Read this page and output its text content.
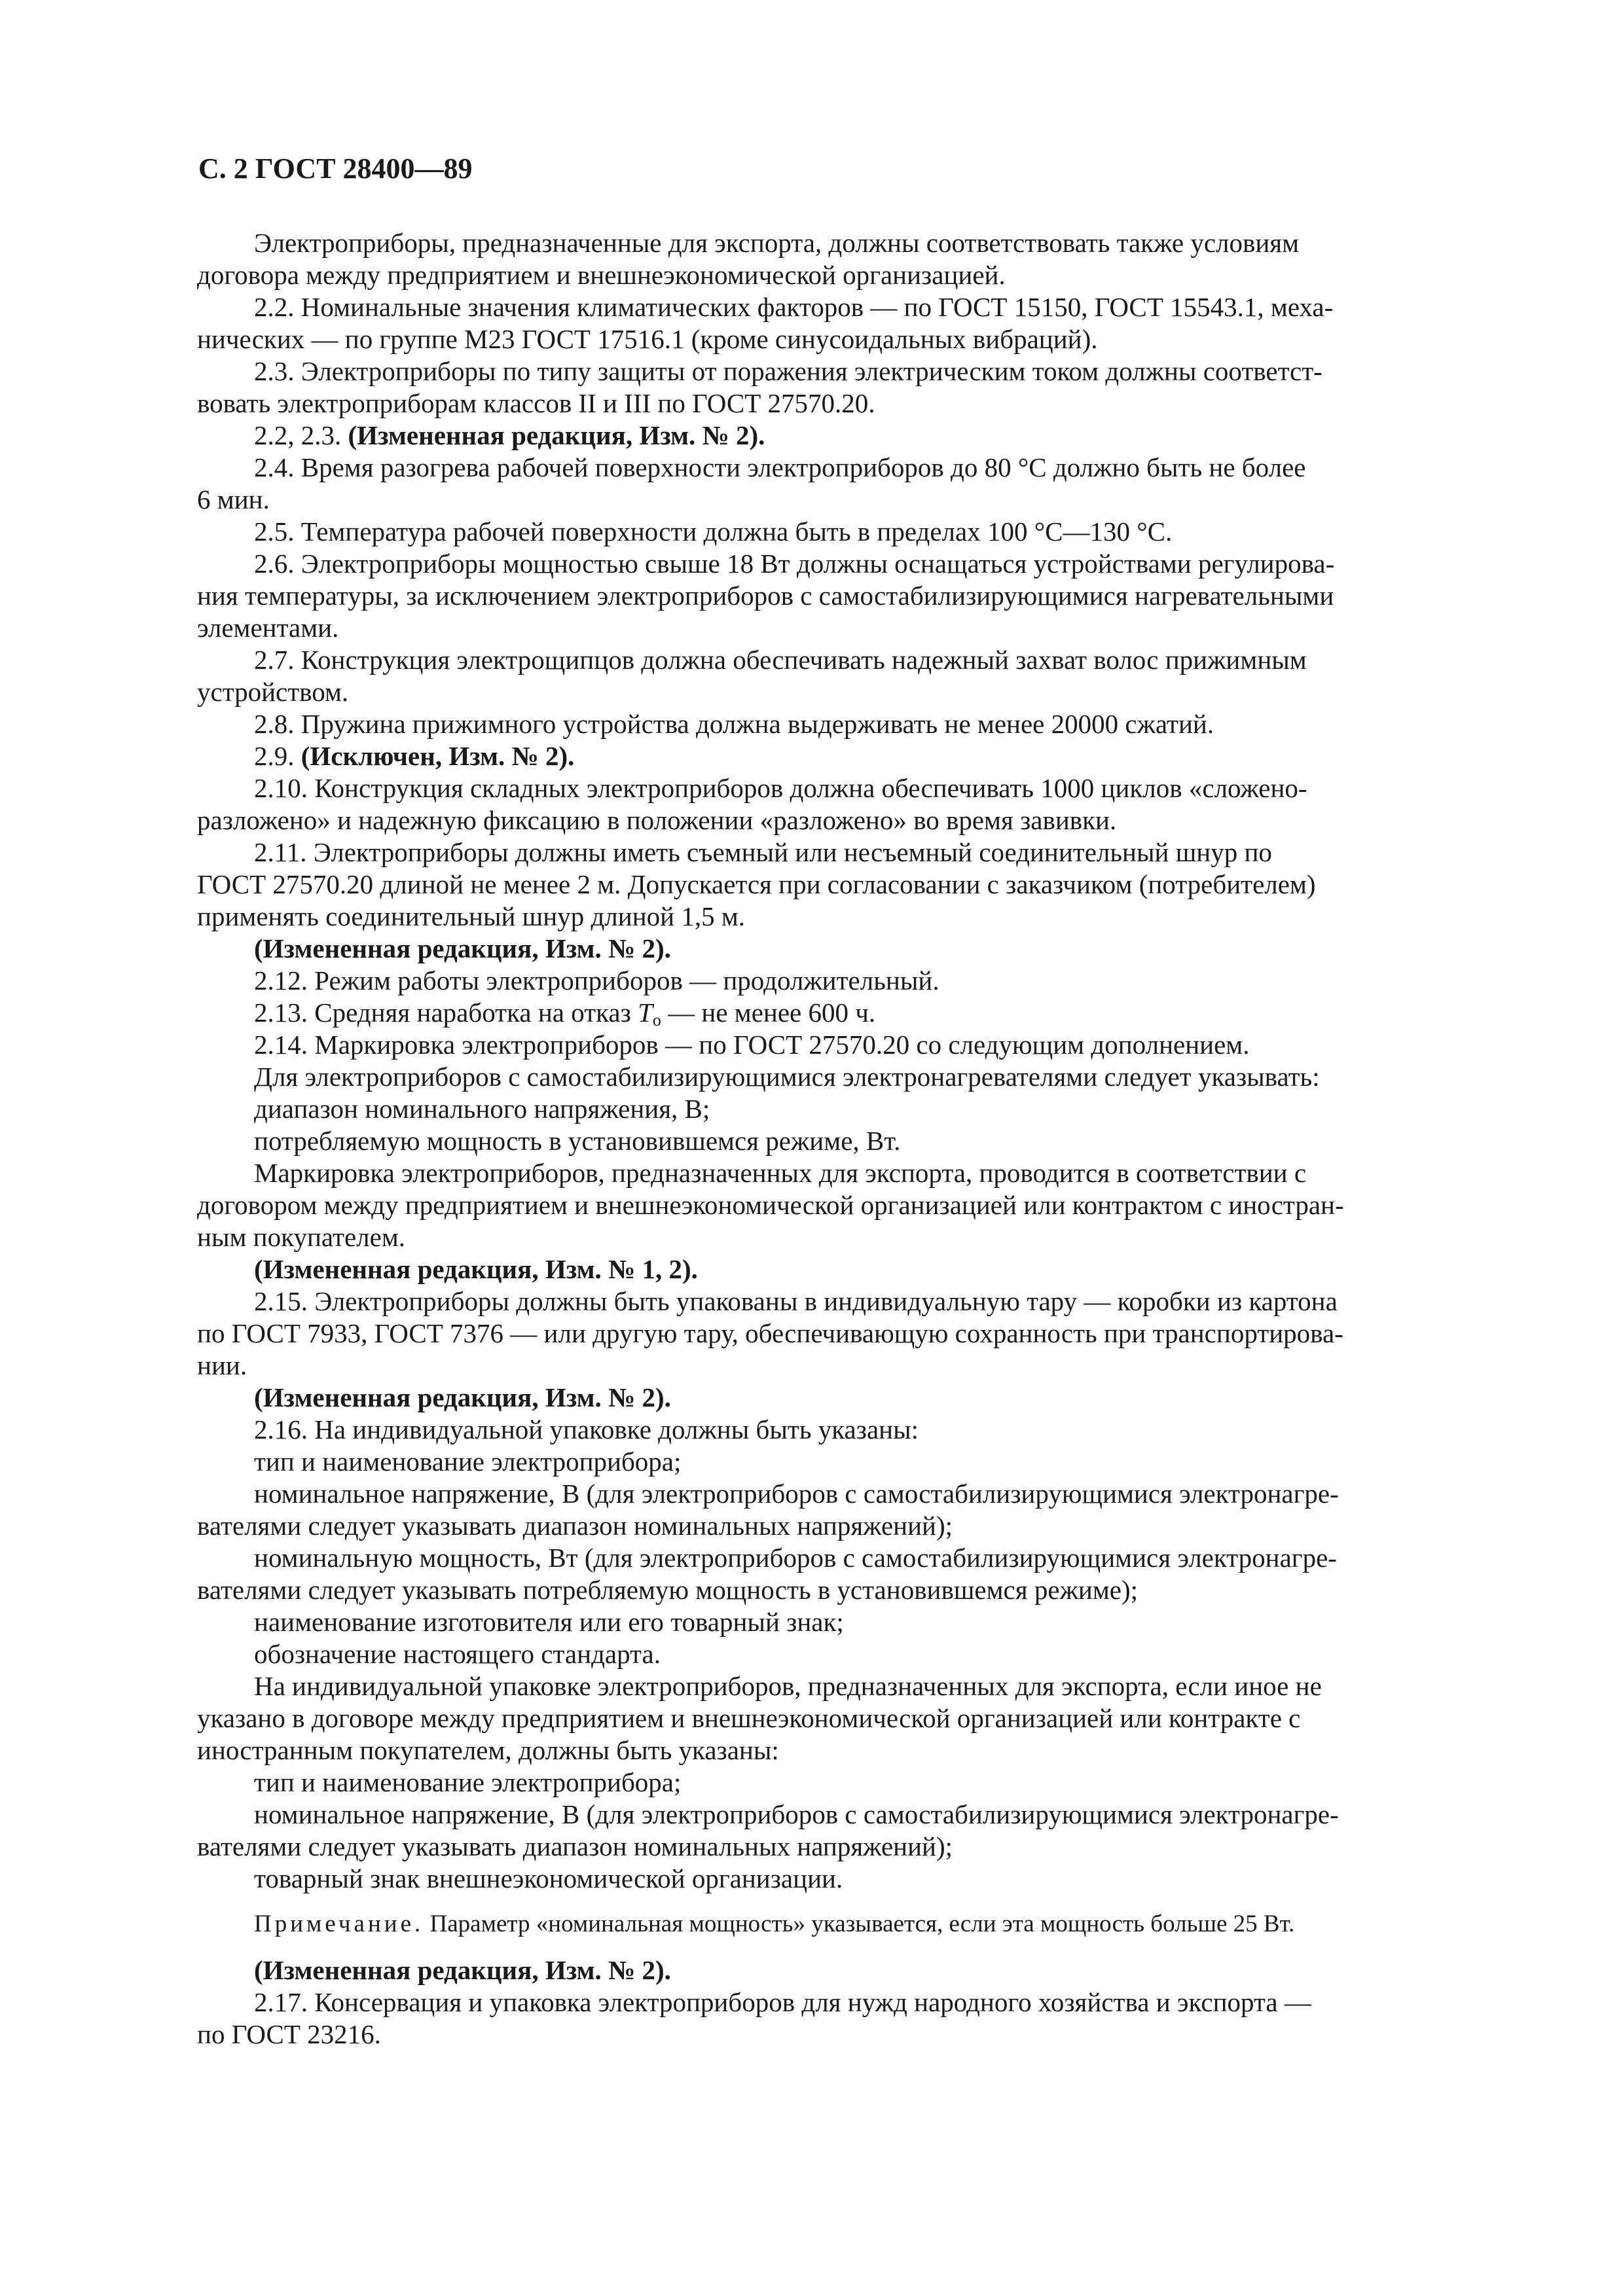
С. 2 ГОСТ 28400—89
Электроприборы, предназначенные для экспорта, должны соответствовать также условиям
договора между предприятием и внешнеэкономической организацией.
2.2. Номинальные значения климатических факторов — по ГОСТ 15150, ГОСТ 15543.1, меха-
нических — по группе М23 ГОСТ 17516.1 (кроме синусоидальных вибраций).
2.3. Электроприборы по типу защиты от поражения электрическим током должны соответст-
вовать электроприборам классов II и III по ГОСТ 27570.20.
2.2, 2.3. (Измененная редакция, Изм. № 2).
2.4. Время разогрева рабочей поверхности электроприборов до 80 °С должно быть не более
6 мин.
2.5. Температура рабочей поверхности должна быть в пределах 100 °С—130 °С.
2.6. Электроприборы мощностью свыше 18 Вт должны оснащаться устройствами регулирова-
ния температуры, за исключением электроприборов с самостабилизирующимися нагревательными
элементами.
2.7. Конструкция электрощипцов должна обеспечивать надежный захват волос прижимным
устройством.
2.8. Пружина прижимного устройства должна выдерживать не менее 20000 сжатий.
2.9. (Исключен, Изм. № 2).
2.10. Конструкция складных электроприборов должна обеспечивать 1000 циклов «сложено-
разложено» и надежную фиксацию в положении «разложено» во время завивки.
2.11. Электроприборы должны иметь съемный или несъемный соединительный шнур по
ГОСТ 27570.20 длиной не менее 2 м. Допускается при согласовании с заказчиком (потребителем)
применять соединительный шнур длиной 1,5 м.
(Измененная редакция, Изм. № 2).
2.12. Режим работы электроприборов — продолжительный.
2.13. Средняя наработка на отказ $T_o$ — не менее 600 ч.
2.14. Маркировка электроприборов — по ГОСТ 27570.20 со следующим дополнением.
Для электроприборов с самостабилизирующимися электронагревателями следует указывать:
диапазон номинального напряжения, В;
потребляемую мощность в установившемся режиме, Вт.
Маркировка электроприборов, предназначенных для экспорта, проводится в соответствии с
договором между предприятием и внешнеэкономической организацией или контрактом с иностран-
ным покупателем.
(Измененная редакция, Изм. № 1, 2).
2.15. Электроприборы должны быть упакованы в индивидуальную тару — коробки из картона
по ГОСТ 7933, ГОСТ 7376 — или другую тару, обеспечивающую сохранность при транспортирова-
нии.
(Измененная редакция, Изм. № 2).
2.16. На индивидуальной упаковке должны быть указаны:
тип и наименование электроприбора;
номинальное напряжение, В (для электроприборов с самостабилизирующимися электронагре-
вателями следует указывать диапазон номинальных напряжений);
номинальную мощность, Вт (для электроприборов с самостабилизирующимися электронагре-
вателями следует указывать потребляемую мощность в установившемся режиме);
наименование изготовителя или его товарный знак;
обозначение настоящего стандарта.
На индивидуальной упаковке электроприборов, предназначенных для экспорта, если иное не
указано в договоре между предприятием и внешнеэкономической организацией или контракте с
иностранным покупателем, должны быть указаны:
тип и наименование электроприбора;
номинальное напряжение, В (для электроприборов с самостабилизирующимися электронагре-
вателями следует указывать диапазон номинальных напряжений);
товарный знак внешнеэкономической организации.
Примечание. Параметр «номинальная мощность» указывается, если эта мощность больше 25 Вт.
(Измененная редакция, Изм. № 2).
2.17. Консервация и упаковка электроприборов для нужд народного хозяйства и экспорта —
по ГОСТ 23216.
